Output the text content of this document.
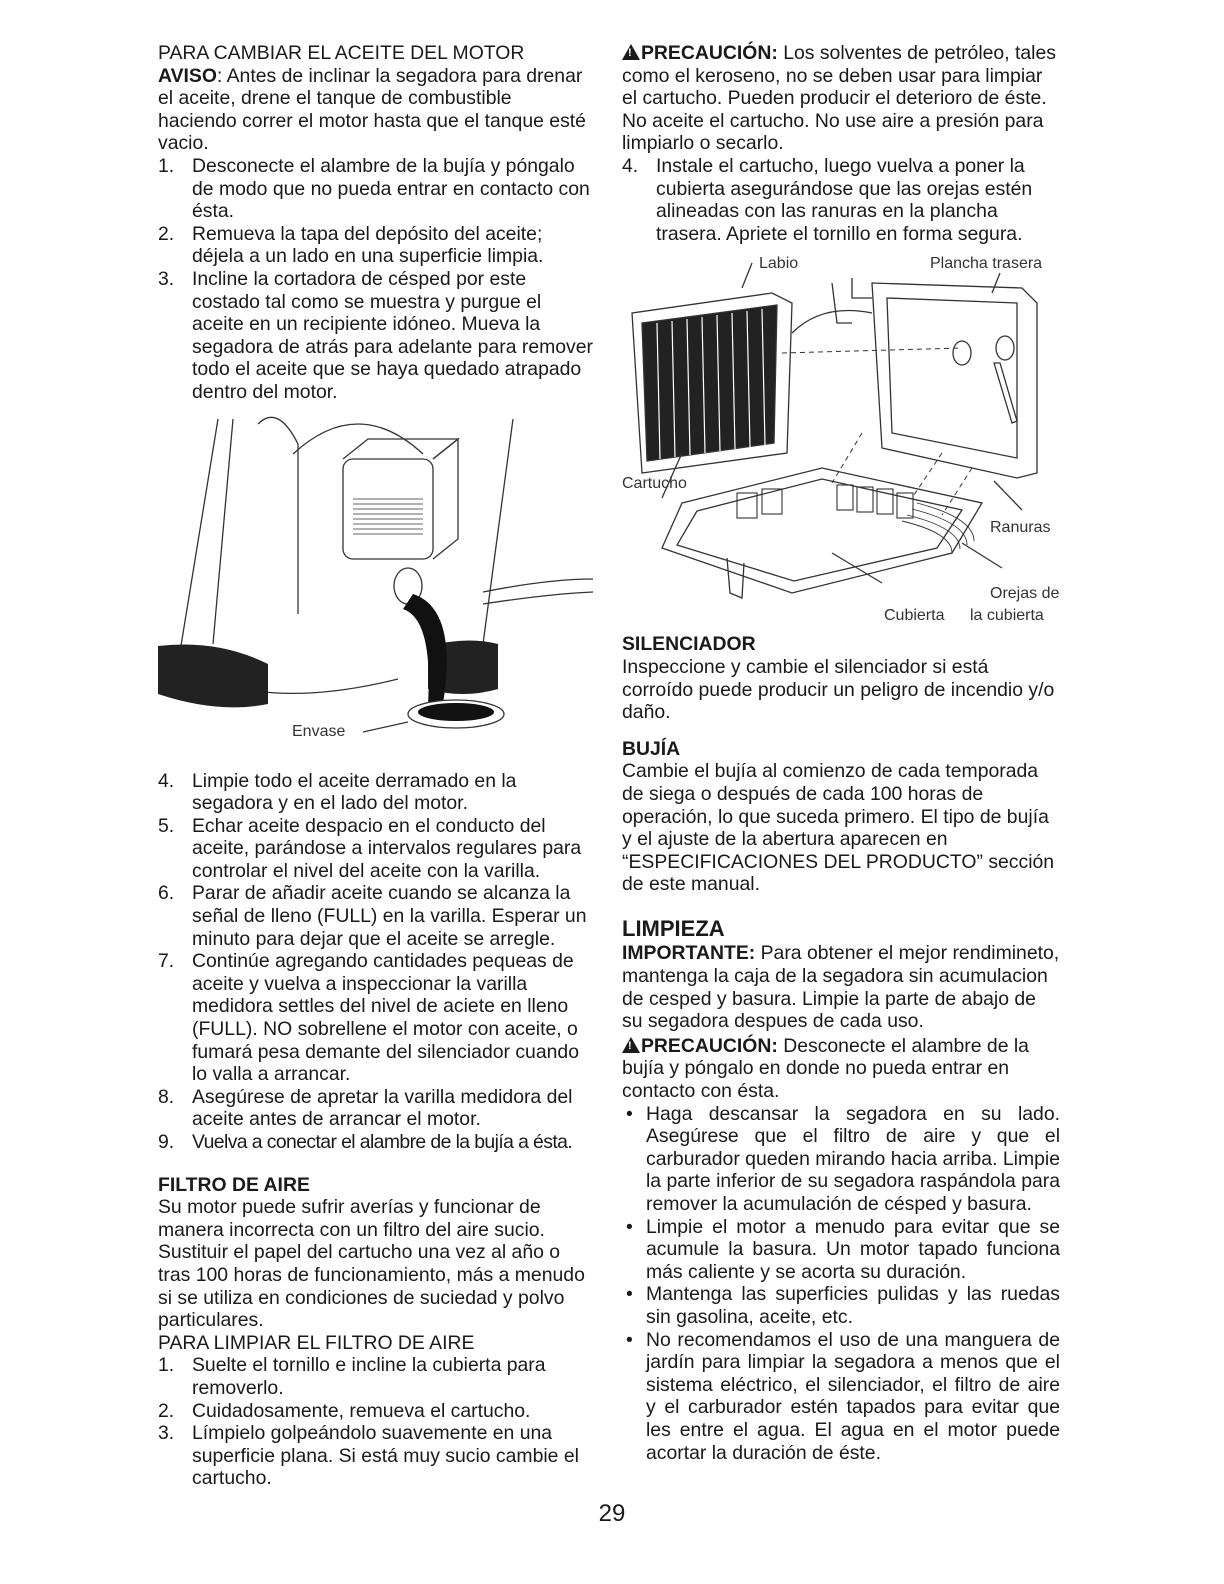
PARA CAMBIAR EL ACEITE DEL MOTOR

AVISO: Antes de inclinar la segadora para drenar el aceite, drene el tanque de combustible haciendo correr el motor hasta que el tanque esté vacio.

1. Desconecte el alambre de la bujía y póngalo de modo que no pueda entrar en contacto con ésta.
2. Remueva la tapa del depósito del aceite; déjela a un lado en una superficie limpia.
3. Incline la cortadora de césped por este costado tal como se muestra y purgue el aceite en un recipiente idóneo. Mueva la segadora de atrás para adelante para remover todo el aceite que se haya quedado atrapado dentro del motor.
Envase
4. Limpie todo el aceite derramado en la segadora y en el lado del motor.
5. Echar aceite despacio en el conducto del aceite, parándose a intervalos regulares para controlar el nivel del aceite con la varilla.
6. Parar de añadir aceite cuando se alcanza la señal de lleno (FULL) en la varilla. Esperar un minuto para dejar que el aceite se arregle.
7. Continúe agregando cantidades pequeas de aceite y vuelva a inspeccionar la varilla medidora settles del nivel de aciete en lleno (FULL). NO sobrellene el motor con aceite, o fumará pesa demante del silenciador cuando lo valla a arrancar.
8. Asegúrese de apretar la varilla medidora del aceite antes de arrancar el motor.
9. Vuelva a conectar el alambre de la bujía a ésta.

FILTRO DE AIRE

Su motor puede sufrir averías y funcionar de manera incorrecta con un filtro del aire sucio. Sustituir el papel del cartucho una vez al año o tras 100 horas de funcionamiento, más a menudo si se utiliza en condiciones de suciedad y polvo particulares.

PARA LIMPIAR EL FILTRO DE AIRE

1. Suelte el tornillo e incline la cubierta para removerlo.
2. Cuidadosamente, remueva el cartucho.
3. Límpielo golpeándolo suavemente en una superficie plana. Si está muy sucio cambie el cartucho.

!PRECAUCIÓN: Los solventes de petróleo, tales como el keroseno, no se deben usar para limpiar el cartucho. Pueden producir el deterioro de éste. No aceite el cartucho. No use aire a presión para limpiarlo o secarlo.

4. Instale el cartucho, luego vuelva a poner la cubierta asegurándose que las orejas estén alineadas con las ranuras en la plancha trasera. Apriete el tornillo en forma segura.
Labio	Plancha trasera
Cartucho
Ranuras
Orejas de
la cubierta
Cubierta

SILENCIADOR

Inspeccione y cambie el silenciador si está corroído puede producir un peligro de incendio y/o daño.

BUJÍA

Cambie el bujía al comienzo de cada temporada de siega o después de cada 100 horas de operación, lo que suceda primero. El tipo de bujía y el ajuste de la abertura aparecen en “ESPECIFICACIONES DEL PRODUCTO” sección de este manual.

LIMPIEZA

IMPORTANTE: Para obtener el mejor rendimineto, mantenga la caja de la segadora sin acumulacion de cesped y basura. Limpie la parte de abajo de su segadora despues de cada uso.

!PRECAUCIÓN: Desconecte el alambre de la bujía y póngalo en donde no pueda entrar en contacto con ésta.

• Haga descansar la segadora en su lado. Asegúrese que el filtro de aire y que el carburador queden mirando hacia arriba. Limpie la parte inferior de su segadora raspándola para remover la acumulación de césped y basura.
• Limpie el motor a menudo para evitar que se acumule la basura. Un motor tapado funciona más caliente y se acorta su duración.
• Mantenga las superficies pulidas y las ruedas sin gasolina, aceite, etc.
• No recomendamos el uso de una manguera de jardín para limpiar la segadora a menos que el sistema eléctrico, el silenciador, el filtro de aire y el carburador estén tapados para evitar que les entre el agua. El agua en el motor puede acortar la duración de éste.
29
